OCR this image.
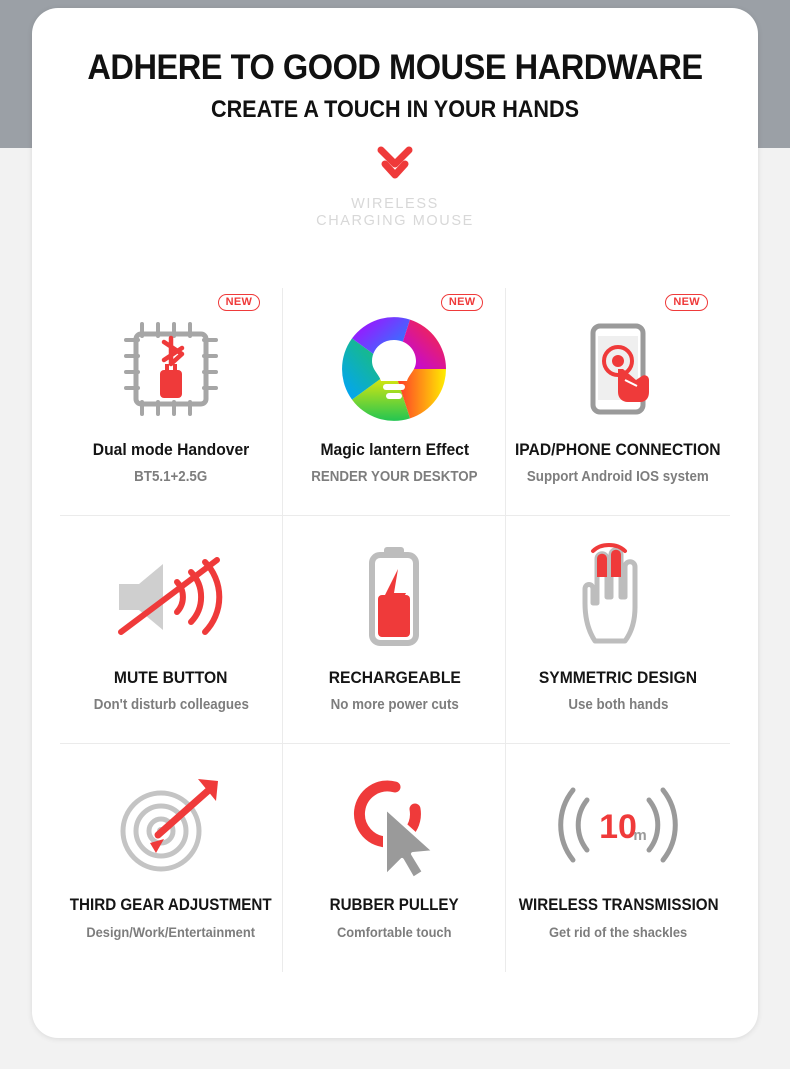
ADHERE TO GOOD MOUSE HARDWARE
CREATE A TOUCH IN YOUR HANDS
WIRELESS
CHARGING MOUSE
NEW
Dual mode Handover
BT5.1+2.5G
NEW
Magic lantern Effect
RENDER YOUR DESKTOP
NEW
IPAD/PHONE CONNECTION
Support Android IOS system
MUTE BUTTON
Don't disturb colleagues
RECHARGEABLE
No more power cuts
SYMMETRIC DESIGN
Use both hands
THIRD GEAR ADJUSTMENT
Design/Work/Entertainment
RUBBER PULLEY
Comfortable touch
10
m
WIRELESS TRANSMISSION
Get rid of the shackles
